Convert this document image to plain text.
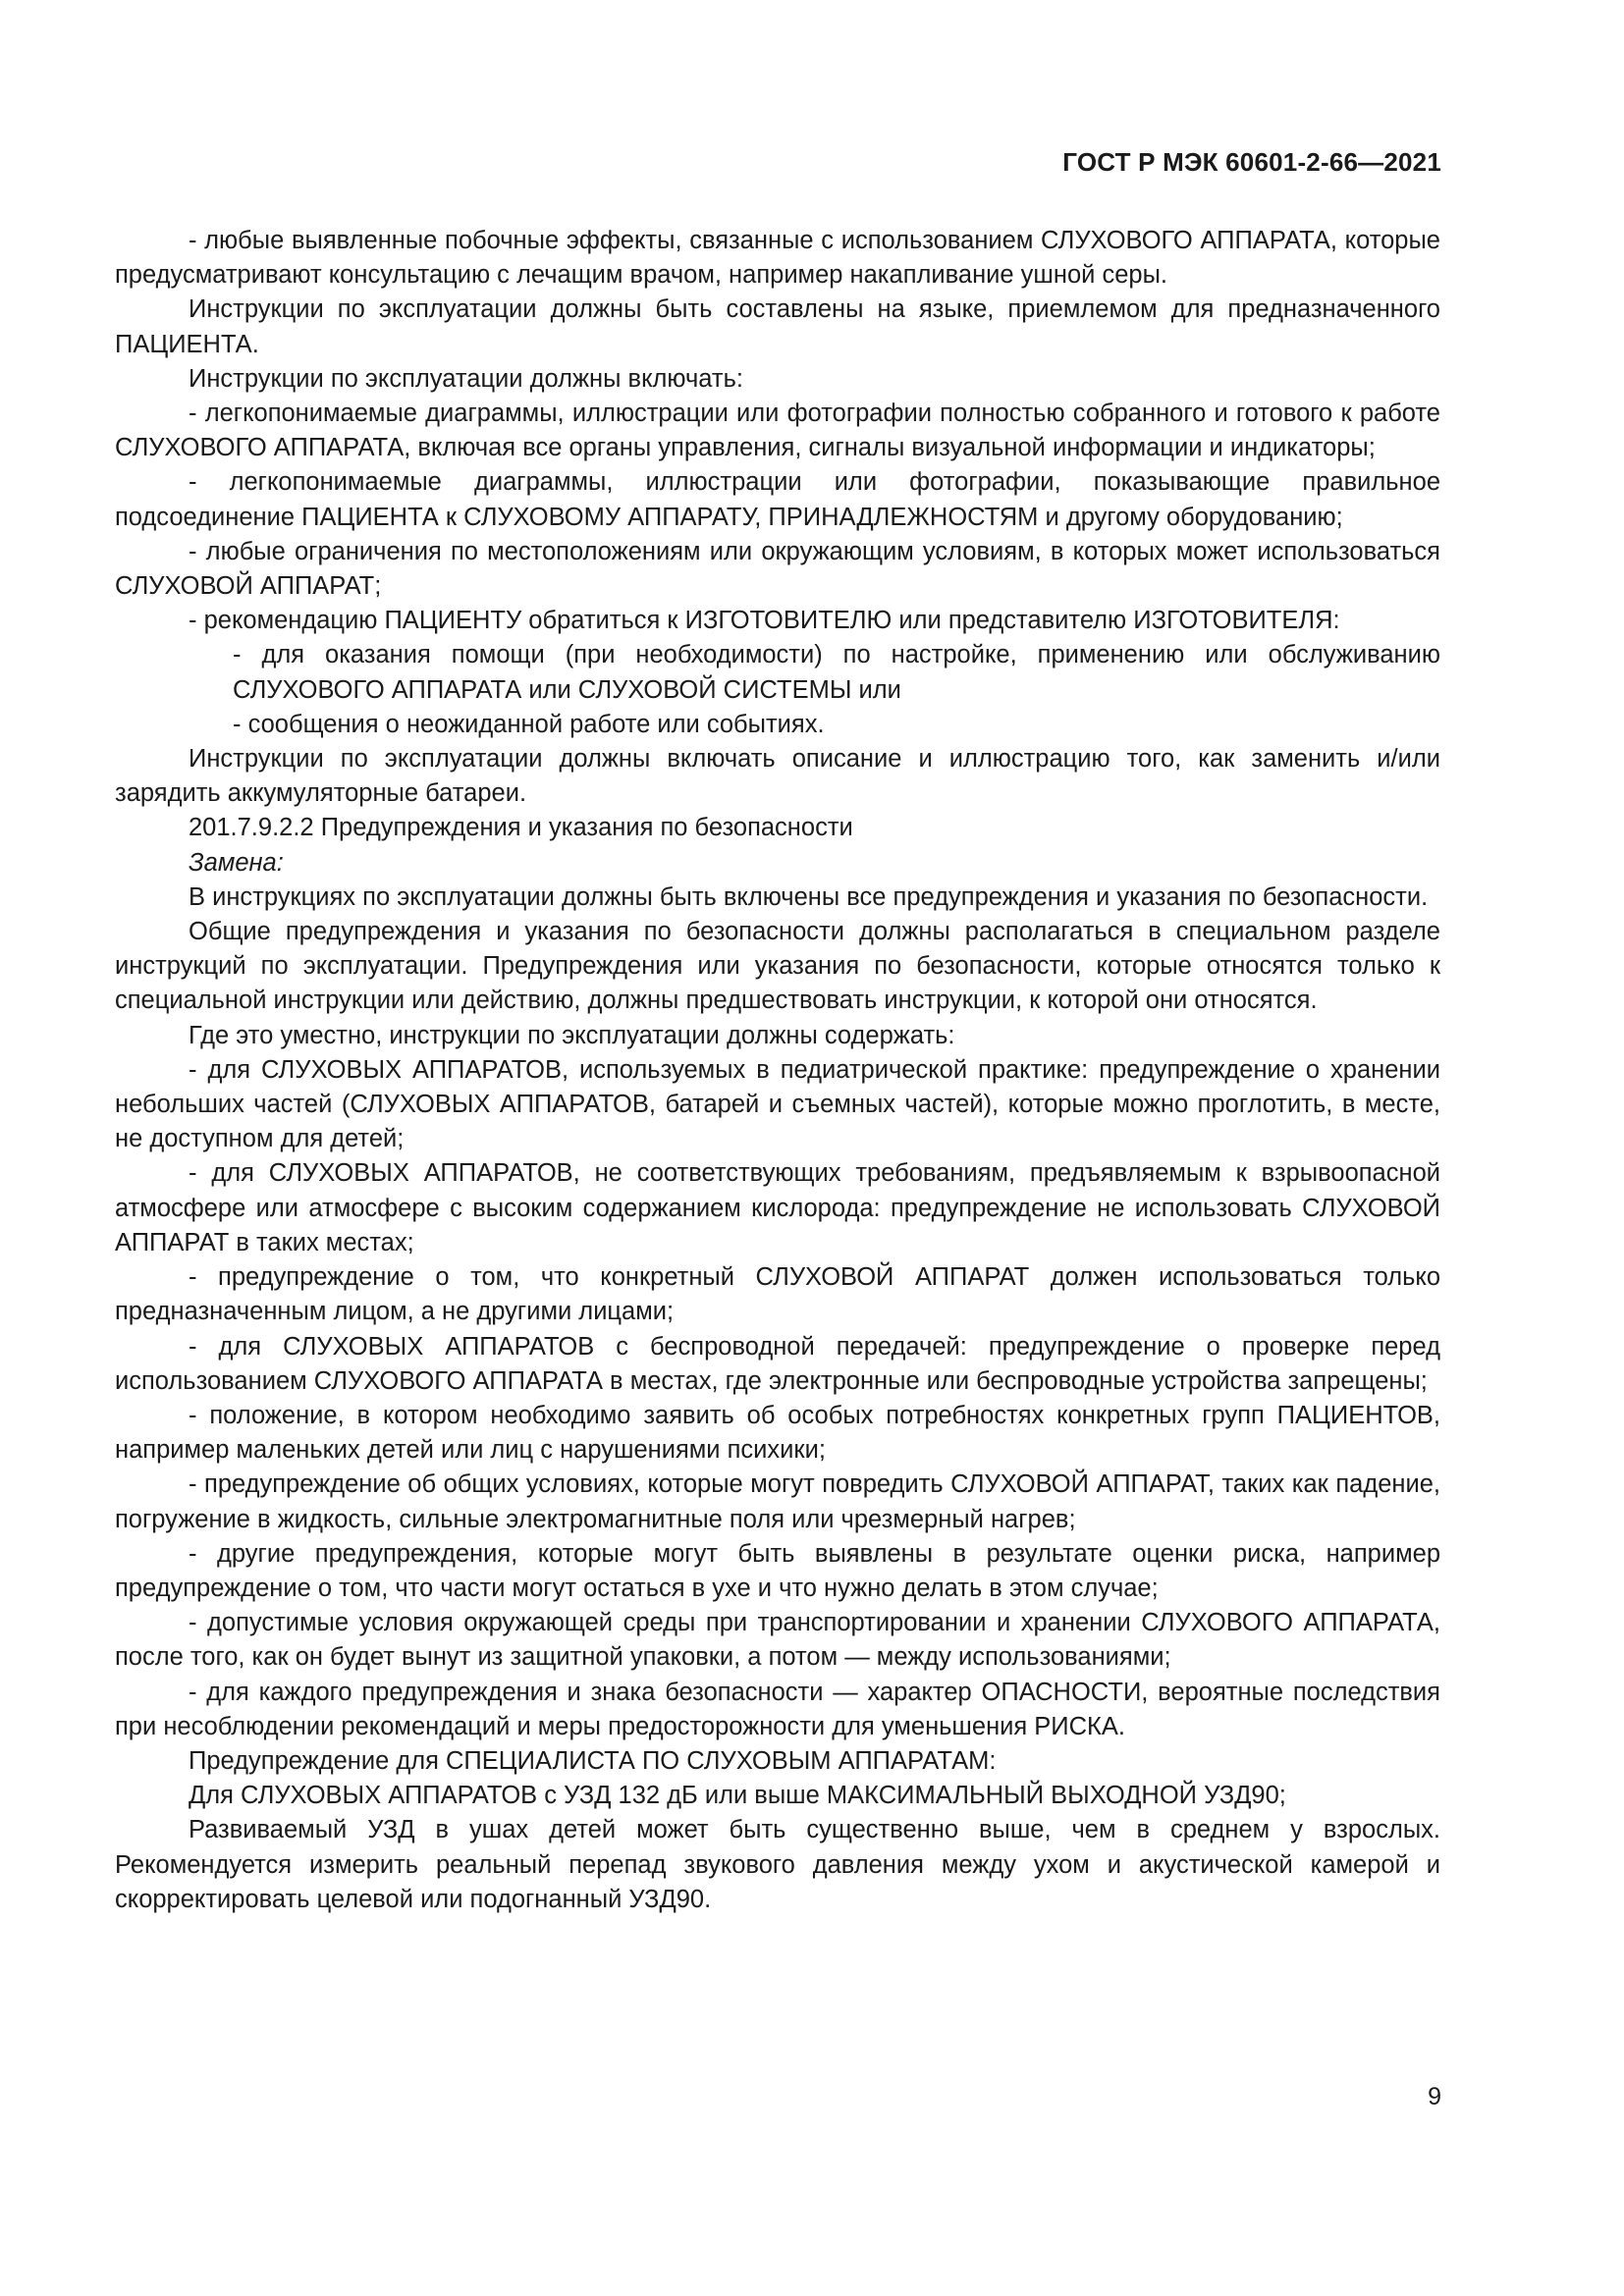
ГОСТ Р МЭК 60601-2-66—2021

- любые выявленные побочные эффекты, связанные с использованием СЛУХОВОГО АППАРАТА, которые предусматривают консультацию с лечащим врачом, например накапливание ушной серы.

Инструкции по эксплуатации должны быть составлены на языке, приемлемом для предназначенного ПАЦИЕНТА.

Инструкции по эксплуатации должны включать:

- легкопонимаемые диаграммы, иллюстрации или фотографии полностью собранного и готового к работе СЛУХОВОГО АППАРАТА, включая все органы управления, сигналы визуальной информации и индикаторы;

- легкопонимаемые диаграммы, иллюстрации или фотографии, показывающие правильное подсоединение ПАЦИЕНТА к СЛУХОВОМУ АППАРАТУ, ПРИНАДЛЕЖНОСТЯМ и другому оборудованию;

- любые ограничения по местоположениям или окружающим условиям, в которых может использоваться СЛУХОВОЙ АППАРАТ;

- рекомендацию ПАЦИЕНТУ обратиться к ИЗГОТОВИТЕЛЮ или представителю ИЗГОТОВИТЕЛЯ:

- для оказания помощи (при необходимости) по настройке, применению или обслуживанию СЛУХОВОГО АППАРАТА или СЛУХОВОЙ СИСТЕМЫ или

- сообщения о неожиданной работе или событиях.

Инструкции по эксплуатации должны включать описание и иллюстрацию того, как заменить и/или зарядить аккумуляторные батареи.

201.7.9.2.2 Предупреждения и указания по безопасности

Замена:

В инструкциях по эксплуатации должны быть включены все предупреждения и указания по безопасности.

Общие предупреждения и указания по безопасности должны располагаться в специальном разделе инструкций по эксплуатации. Предупреждения или указания по безопасности, которые относятся только к специальной инструкции или действию, должны предшествовать инструкции, к которой они относятся.

Где это уместно, инструкции по эксплуатации должны содержать:

- для СЛУХОВЫХ АППАРАТОВ, используемых в педиатрической практике: предупреждение о хранении небольших частей (СЛУХОВЫХ АППАРАТОВ, батарей и съемных частей), которые можно проглотить, в месте, не доступном для детей;

- для СЛУХОВЫХ АППАРАТОВ, не соответствующих требованиям, предъявляемым к взрывоопасной атмосфере или атмосфере с высоким содержанием кислорода: предупреждение не использовать СЛУХОВОЙ АППАРАТ в таких местах;

- предупреждение о том, что конкретный СЛУХОВОЙ АППАРАТ должен использоваться только предназначенным лицом, а не другими лицами;

- для СЛУХОВЫХ АППАРАТОВ с беспроводной передачей: предупреждение о проверке перед использованием СЛУХОВОГО АППАРАТА в местах, где электронные или беспроводные устройства запрещены;

- положение, в котором необходимо заявить об особых потребностях конкретных групп ПАЦИЕНТОВ, например маленьких детей или лиц с нарушениями психики;

- предупреждение об общих условиях, которые могут повредить СЛУХОВОЙ АППАРАТ, таких как падение, погружение в жидкость, сильные электромагнитные поля или чрезмерный нагрев;

- другие предупреждения, которые могут быть выявлены в результате оценки риска, например предупреждение о том, что части могут остаться в ухе и что нужно делать в этом случае;

- допустимые условия окружающей среды при транспортировании и хранении СЛУХОВОГО АППАРАТА, после того, как он будет вынут из защитной упаковки, а потом — между использованиями;

- для каждого предупреждения и знака безопасности — характер ОПАСНОСТИ, вероятные последствия при несоблюдении рекомендаций и меры предосторожности для уменьшения РИСКА.

Предупреждение для СПЕЦИАЛИСТА ПО СЛУХОВЫМ АППАРАТАМ:

Для СЛУХОВЫХ АППАРАТОВ с УЗД 132 дБ или выше МАКСИМАЛЬНЫЙ ВЫХОДНОЙ УЗД90;

Развиваемый УЗД в ушах детей может быть существенно выше, чем в среднем у взрослых. Рекомендуется измерить реальный перепад звукового давления между ухом и акустической камерой и скорректировать целевой или подогнанный УЗД90.

9
